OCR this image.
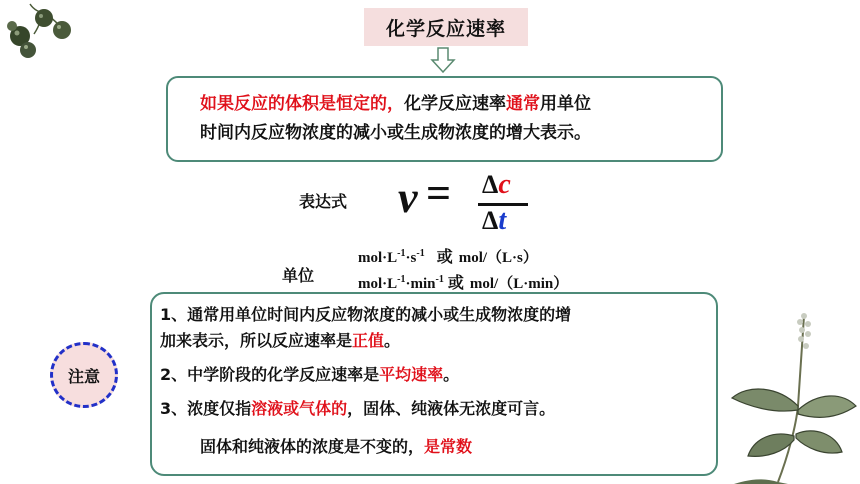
化学反应速率
如果反应的体积是恒定的，化学反应速率通常用单位
时间内反应物浓度的减小或生成物浓度的增大表示。
表达式 v = Δc
Δt
单位
$mol\cdot L^{-1}\cdot s^{-1}$ 或 mol/（L·s）
$mol\cdot L^{-1}\cdot\min^{-1}$ 或 mol/（L·min）
注意
1、通常用单位时间内反应物浓度的减小或生成物浓度的增
加来表示，所以反应速率是正值。
2、中学阶段的化学反应速率是平均速率。
3、浓度仅指溶液或气体的，固体、纯液体无浓度可言。
固体和纯液体的浓度是不变的，是常数
